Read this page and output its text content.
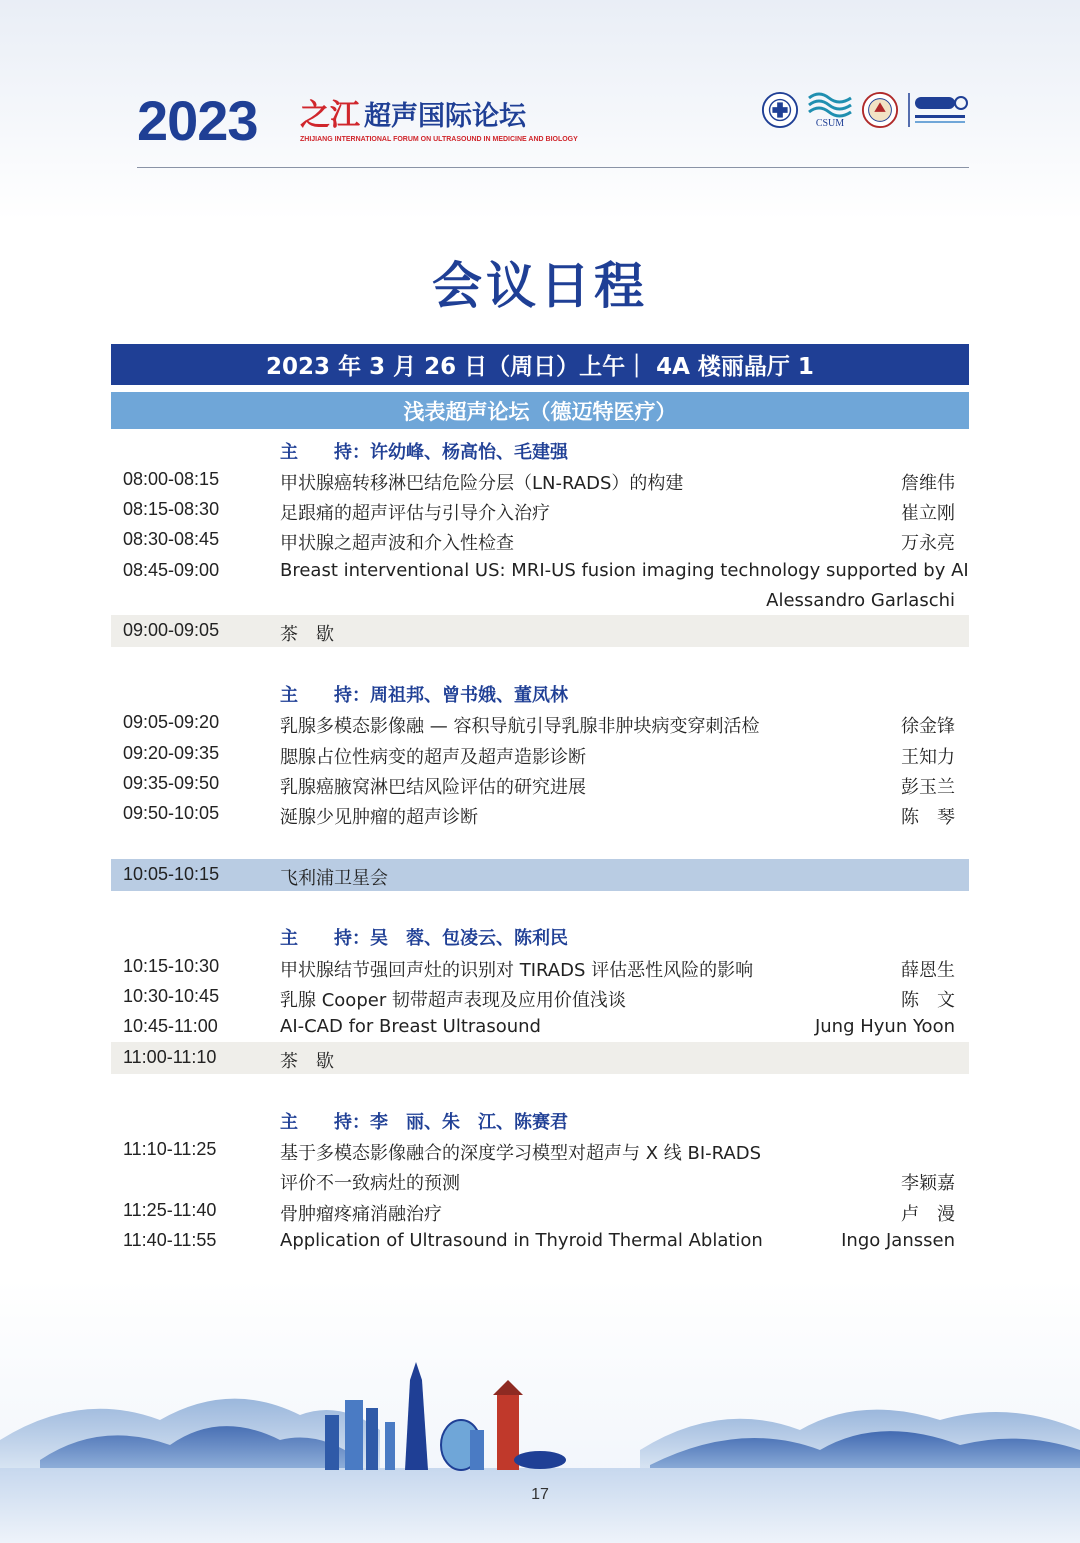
2023 之江 超声国际论坛
ZHIJIANG INTERNATIONAL FORUM ON ULTRASOUND IN MEDICINE AND BIOLOGY
CSUM
会议日程
2023 年 3 月 26 日（周日）上午｜ 4A 楼丽晶厅 1
浅表超声论坛（德迈特医疗）
主　　持：许幼峰、杨高怡、毛建强
08:00-08:15	甲状腺癌转移淋巴结危险分层（LN-RADS）的构建	詹维伟
08:15-08:30	足跟痛的超声评估与引导介入治疗	崔立刚
08:30-08:45	甲状腺之超声波和介入性检查	万永亮
08:45-09:00	Breast interventional US: MRI-US fusion imaging technology supported by AI
Alessandro Garlaschi
09:00-09:05	茶　歇
主　　持：周祖邦、曾书娥、董凤林
09:05-09:20	乳腺多模态影像融 — 容积导航引导乳腺非肿块病变穿刺活检	徐金锋
09:20-09:35	腮腺占位性病变的超声及超声造影诊断	王知力
09:35-09:50	乳腺癌腋窝淋巴结风险评估的研究进展	彭玉兰
09:50-10:05	涎腺少见肿瘤的超声诊断	陈　琴
10:05-10:15	飞利浦卫星会
主　　持：吴　蓉、包凌云、陈利民
10:15-10:30	甲状腺结节强回声灶的识别对 TIRADS 评估恶性风险的影响	薛恩生
10:30-10:45	乳腺 Cooper 韧带超声表现及应用价值浅谈	陈　文
10:45-11:00	AI-CAD for Breast Ultrasound	Jung Hyun Yoon
11:00-11:10	茶　歇
主　　持：李　丽、朱　江、陈赛君
11:10-11:25	基于多模态影像融合的深度学习模型对超声与 X 线 BI-RADS
评价不一致病灶的预测	李颖嘉
11:25-11:40	骨肿瘤疼痛消融治疗	卢　漫
11:40-11:55	Application of Ultrasound in Thyroid Thermal Ablation	Ingo Janssen
17
